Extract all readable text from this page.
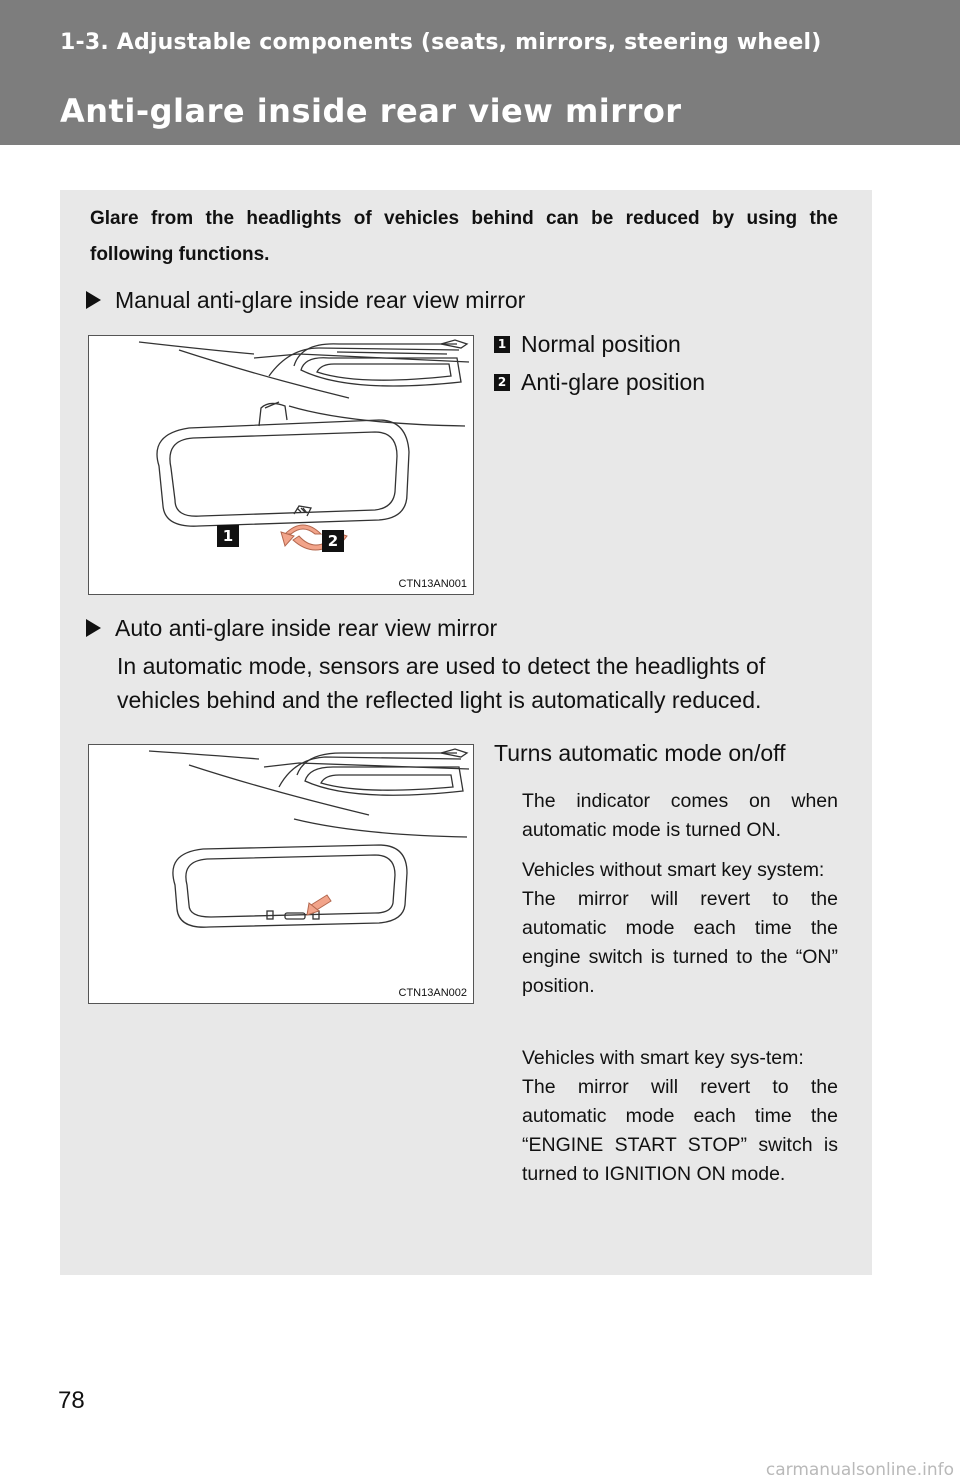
1-3. Adjustable components (seats, mirrors, steering wheel)

Anti-glare inside rear view mirror

Glare from the headlights of vehicles behind can be reduced by using the following functions.

Manual anti-glare inside rear view mirror
1 Normal position
2 Anti-glare position
1	2
CTN13AN001
Auto anti-glare inside rear view mirror

In automatic mode, sensors are used to detect the headlights of vehicles behind and the reflected light is automatically reduced.

CTN13AN002

Turns automatic mode on/off

The indicator comes on when automatic mode is turned ON.

Vehicles without smart key system:
The mirror will revert to the automatic mode each time the engine switch is turned to the “ON” position.

Vehicles with smart key sys-tem:
The mirror will revert to the automatic mode each time the “ENGINE START STOP” switch is turned to IGNITION ON mode.

78
carmanualsonline.info
